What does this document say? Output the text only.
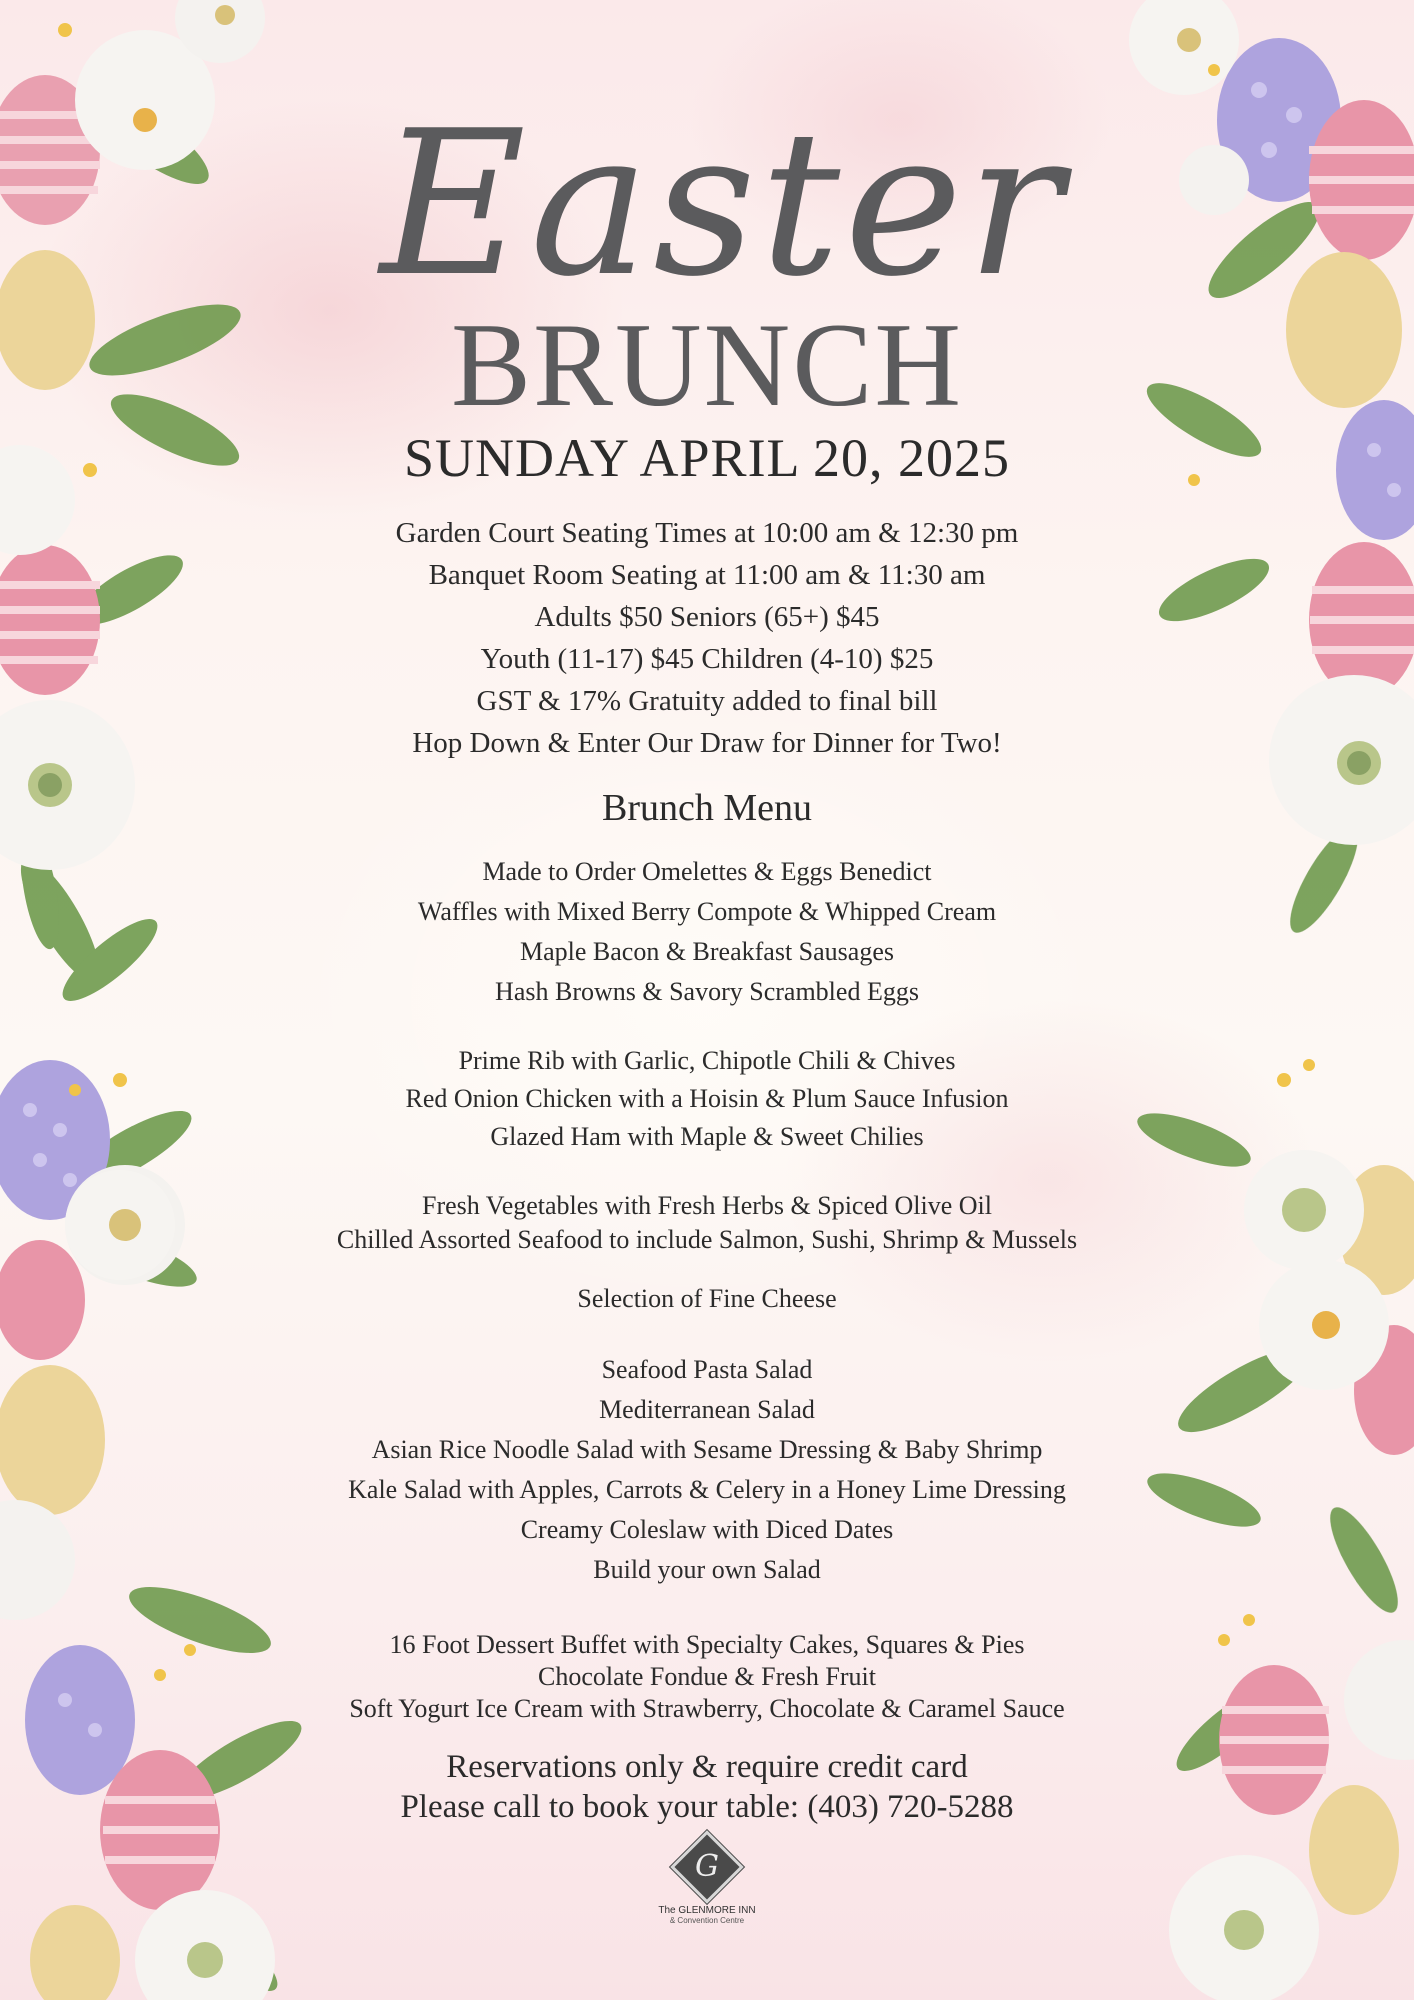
Easter
BRUNCH
SUNDAY APRIL 20, 2025
Garden Court Seating Times at 10:00 am & 12:30 pm
Banquet Room Seating at 11:00 am & 11:30 am
Adults $50 Seniors (65+) $45
Youth (11-17) $45 Children (4-10) $25
GST & 17% Gratuity added to final bill
Hop Down & Enter Our Draw for Dinner for Two!
Brunch Menu
Made to Order Omelettes & Eggs Benedict
Waffles with Mixed Berry Compote & Whipped Cream
Maple Bacon & Breakfast Sausages
Hash Browns & Savory Scrambled Eggs
Prime Rib with Garlic, Chipotle Chili & Chives
Red Onion Chicken with a Hoisin & Plum Sauce Infusion
Glazed Ham with Maple & Sweet Chilies
Fresh Vegetables with Fresh Herbs & Spiced Olive Oil
Chilled Assorted Seafood to include Salmon, Sushi, Shrimp & Mussels
Selection of Fine Cheese
Seafood Pasta Salad
Mediterranean Salad
Asian Rice Noodle Salad with Sesame Dressing & Baby Shrimp
Kale Salad with Apples, Carrots & Celery in a Honey Lime Dressing
Creamy Coleslaw with Diced Dates
Build your own Salad
16 Foot Dessert Buffet with Specialty Cakes, Squares & Pies
Chocolate Fondue & Fresh Fruit
Soft Yogurt Ice Cream with Strawberry, Chocolate & Caramel Sauce
Reservations only & require credit card
Please call to book your table: (403) 720-5288
G
The GLENMORE INN
& Convention Centre
